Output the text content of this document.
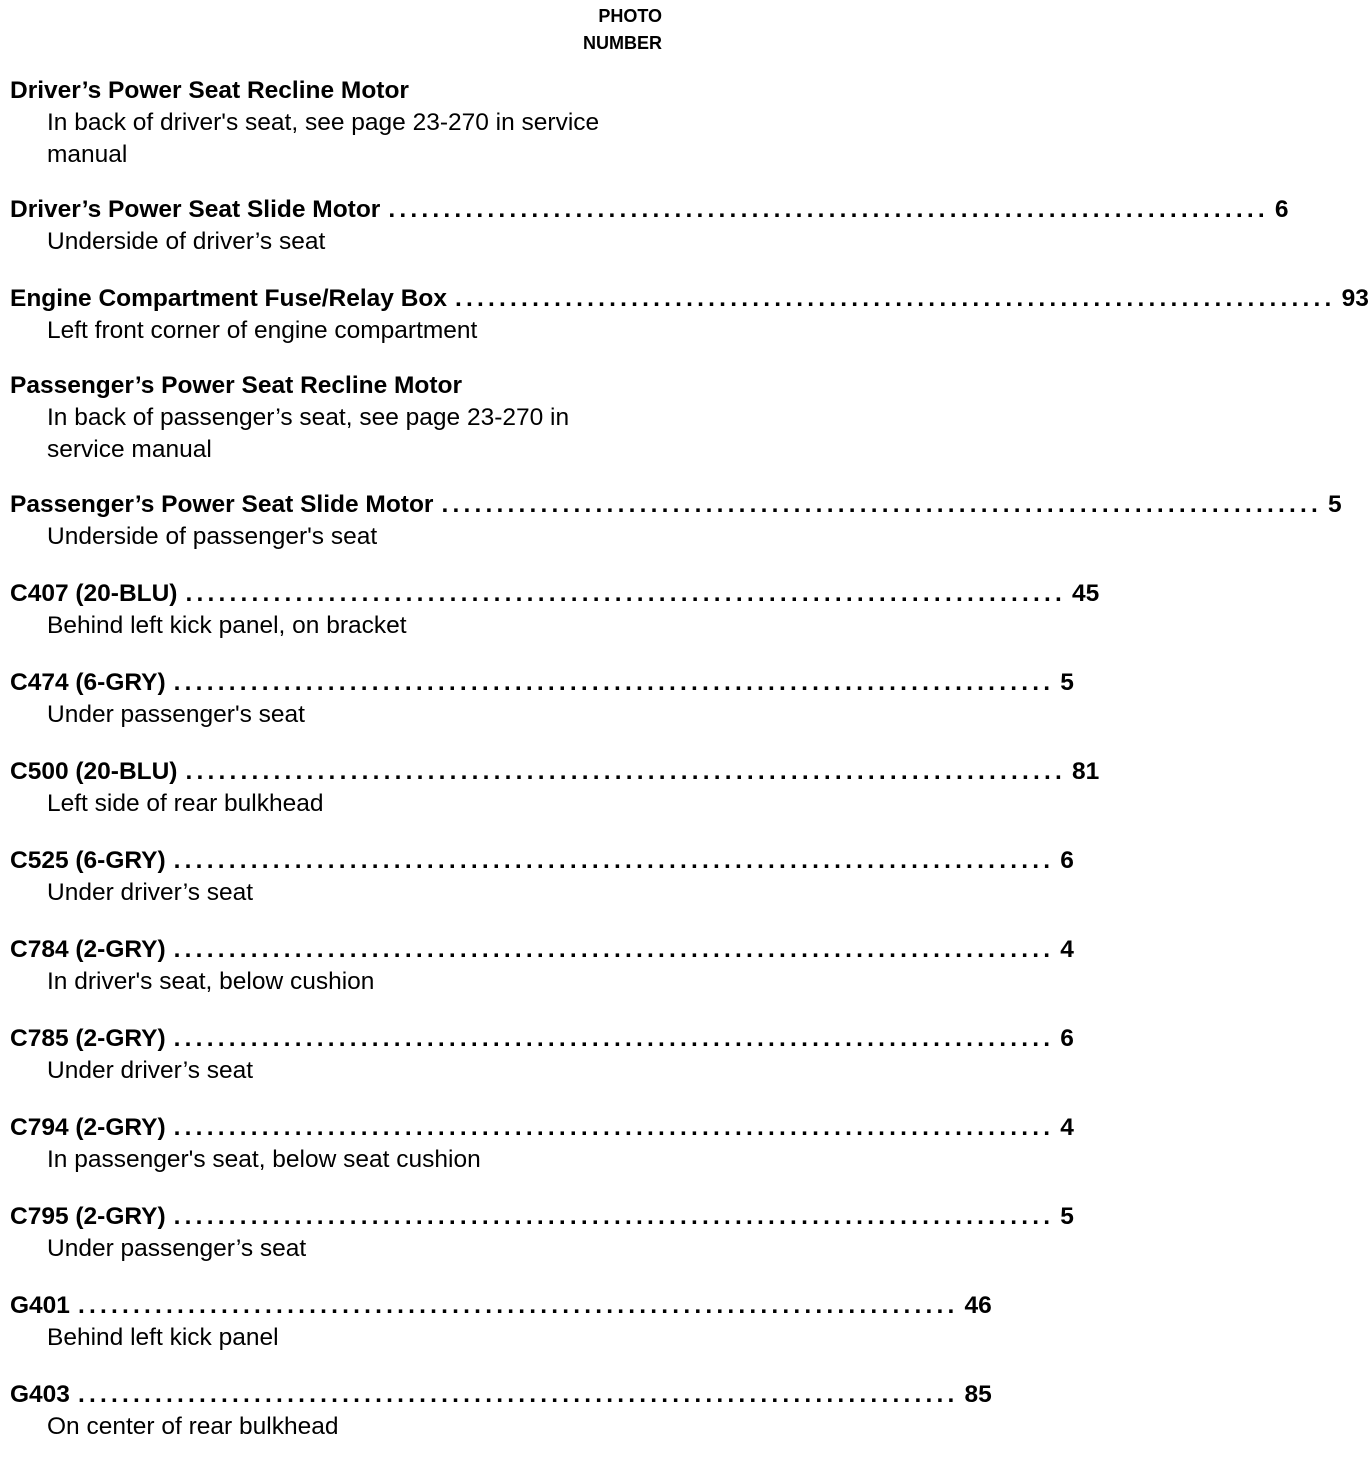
PHOTO
NUMBER
Driver’s Power Seat Recline Motor
In back of driver's seat, see page 23-270 in service manual
Driver’s Power Seat Slide Motor ................................................................................ 6
Underside of driver’s seat
Engine Compartment Fuse/Relay Box ................................................................................ 93
Left front corner of engine compartment
Passenger’s Power Seat Recline Motor
In back of passenger’s seat, see page 23-270 in service manual
Passenger’s Power Seat Slide Motor ................................................................................ 5
Underside of passenger's seat
C407 (20-BLU) ................................................................................ 45
Behind left kick panel, on bracket
C474 (6-GRY) ................................................................................ 5
Under passenger's seat
C500 (20-BLU) ................................................................................ 81
Left side of rear bulkhead
C525 (6-GRY) ................................................................................ 6
Under driver’s seat
C784 (2-GRY) ................................................................................ 4
In driver's seat, below cushion
C785 (2-GRY) ................................................................................ 6
Under driver’s seat
C794 (2-GRY) ................................................................................ 4
In passenger's seat, below seat cushion
C795 (2-GRY) ................................................................................ 5
Under passenger’s seat
G401 ................................................................................ 46
Behind left kick panel
G403 ................................................................................ 85
On center of rear bulkhead
